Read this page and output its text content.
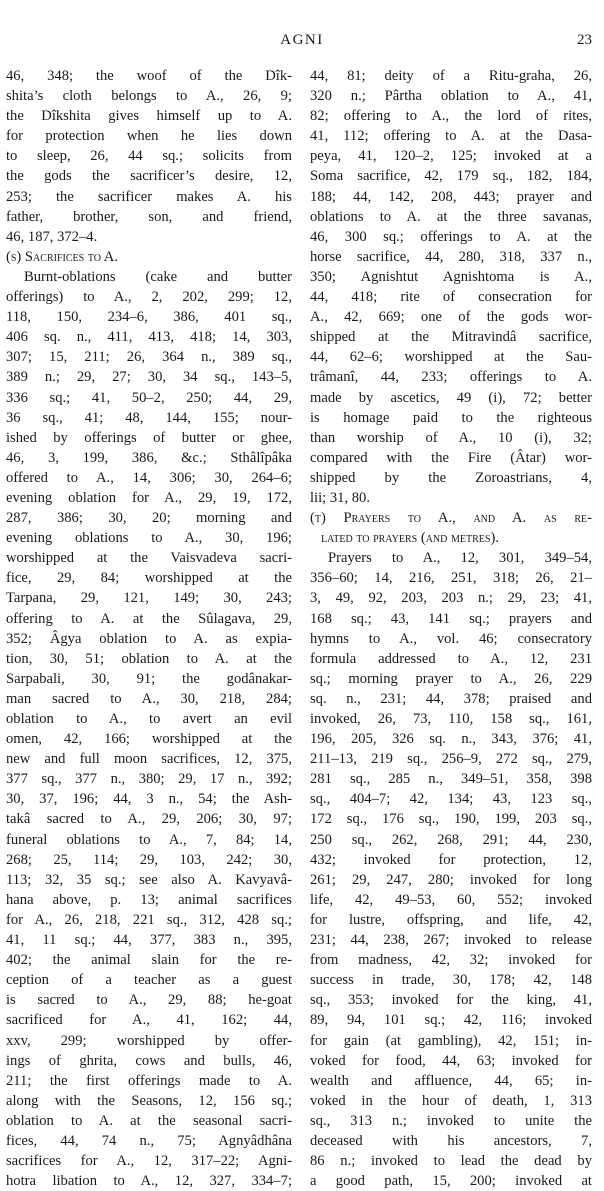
AGNI	23
46, 348; the woof of the Dîk-
shita’s cloth belongs to A., 26, 9;
the Dîkshita gives himself up to A.
for protection when he lies down
to sleep, 26, 44 sq.; solicits from
the gods the sacrificer’s desire, 12,
253; the sacrificer makes A. his
father, brother, son, and friend,
46, 187, 372–4.
(s) Sacrifices to A.
Burnt-oblations (cake and butter
offerings) to A., 2, 202, 299; 12,
118, 150, 234–6, 386, 401 sq.,
406 sq. n., 411, 413, 418; 14, 303,
307; 15, 211; 26, 364 n., 389 sq.,
389 n.; 29, 27; 30, 34 sq., 143–5,
336 sq.; 41, 50–2, 250; 44, 29,
36 sq., 41; 48, 144, 155; nour-
ished by offerings of butter or ghee,
46, 3, 199, 386, &c.; Sthâlîpâka
offered to A., 14, 306; 30, 264–6;
evening oblation for A., 29, 19, 172,
287, 386; 30, 20; morning and
evening oblations to A., 30, 196;
worshipped at the Vaisvadeva sacri-
fice, 29, 84; worshipped at the
Tarpana, 29, 121, 149; 30, 243;
offering to A. at the Sûlagava, 29,
352; Âgya oblation to A. as expia-
tion, 30, 51; oblation to A. at the
Sarpabali, 30, 91; the godânakar-
man sacred to A., 30, 218, 284;
oblation to A., to avert an evil
omen, 42, 166; worshipped at the
new and full moon sacrifices, 12, 375,
377 sq., 377 n., 380; 29, 17 n., 392;
30, 37, 196; 44, 3 n., 54; the Ash-
takâ sacred to A., 29, 206; 30, 97;
funeral oblations to A., 7, 84; 14,
268; 25, 114; 29, 103, 242; 30,
113; 32, 35 sq.; see also A. Kavyavâ-
hana above, p. 13; animal sacrifices
for A., 26, 218, 221 sq., 312, 428 sq.;
41, 11 sq.; 44, 377, 383 n., 395,
402; the animal slain for the re-
ception of a teacher as a guest
is sacred to A., 29, 88; he-goat
sacrificed for A., 41, 162; 44,
xxv, 299; worshipped by offer-
ings of ghrita, cows and bulls, 46,
211; the first offerings made to A.
along with the Seasons, 12, 156 sq.;
oblation to A. at the seasonal sacri-
fices, 44, 74 n., 75; Agnyâdhâna
sacrifices for A., 12, 317–22; Agni-
hotra libation to A., 12, 327, 334–7;
44, 81; deity of a Ritu-graha, 26,
320 n.; Pârtha oblation to A., 41,
82; offering to A., the lord of rites,
41, 112; offering to A. at the Dasa-
peya, 41, 120–2, 125; invoked at a
Soma sacrifice, 42, 179 sq., 182, 184,
188; 44, 142, 208, 443; prayer and
oblations to A. at the three savanas,
46, 300 sq.; offerings to A. at the
horse sacrifice, 44, 280, 318, 337 n.,
350; Agnishtut Agnishtoma is A.,
44, 418; rite of consecration for
A., 42, 669; one of the gods wor-
shipped at the Mitravindâ sacrifice,
44, 62–6; worshipped at the Sau-
trâmanî, 44, 233; offerings to A.
made by ascetics, 49 (i), 72; better
is homage paid to the righteous
than worship of A., 10 (i), 32;
compared with the Fire (Âtar) wor-
shipped by the Zoroastrians, 4,
lii; 31, 80.
(t) Prayers to A., and A. as re-
lated to prayers (and metres).
Prayers to A., 12, 301, 349–54,
356–60; 14, 216, 251, 318; 26, 21–
3, 49, 92, 203, 203 n.; 29, 23; 41,
168 sq.; 43, 141 sq.; prayers and
hymns to A., vol. 46; consecratory
formula addressed to A., 12, 231
sq.; morning prayer to A., 26, 229
sq. n., 231; 44, 378; praised and
invoked, 26, 73, 110, 158 sq., 161,
196, 205, 326 sq. n., 343, 376; 41,
211–13, 219 sq., 256–9, 272 sq., 279,
281 sq., 285 n., 349–51, 358, 398
sq., 404–7; 42, 134; 43, 123 sq.,
172 sq., 176 sq., 190, 199, 203 sq.,
250 sq., 262, 268, 291; 44, 230,
432; invoked for protection, 12,
261; 29, 247, 280; invoked for long
life, 42, 49–53, 60, 552; invoked
for lustre, offspring, and life, 42,
231; 44, 238, 267; invoked to release
from madness, 42, 32; invoked for
success in trade, 30, 178; 42, 148
sq., 353; invoked for the king, 41,
89, 94, 101 sq.; 42, 116; invoked
for gain (at gambling), 42, 151; in-
voked for food, 44, 63; invoked for
wealth and affluence, 44, 65; in-
voked in the hour of death, 1, 313
sq., 313 n.; invoked to unite the
deceased with his ancestors, 7,
86 n.; invoked to lead the dead by
a good path, 15, 200; invoked at
